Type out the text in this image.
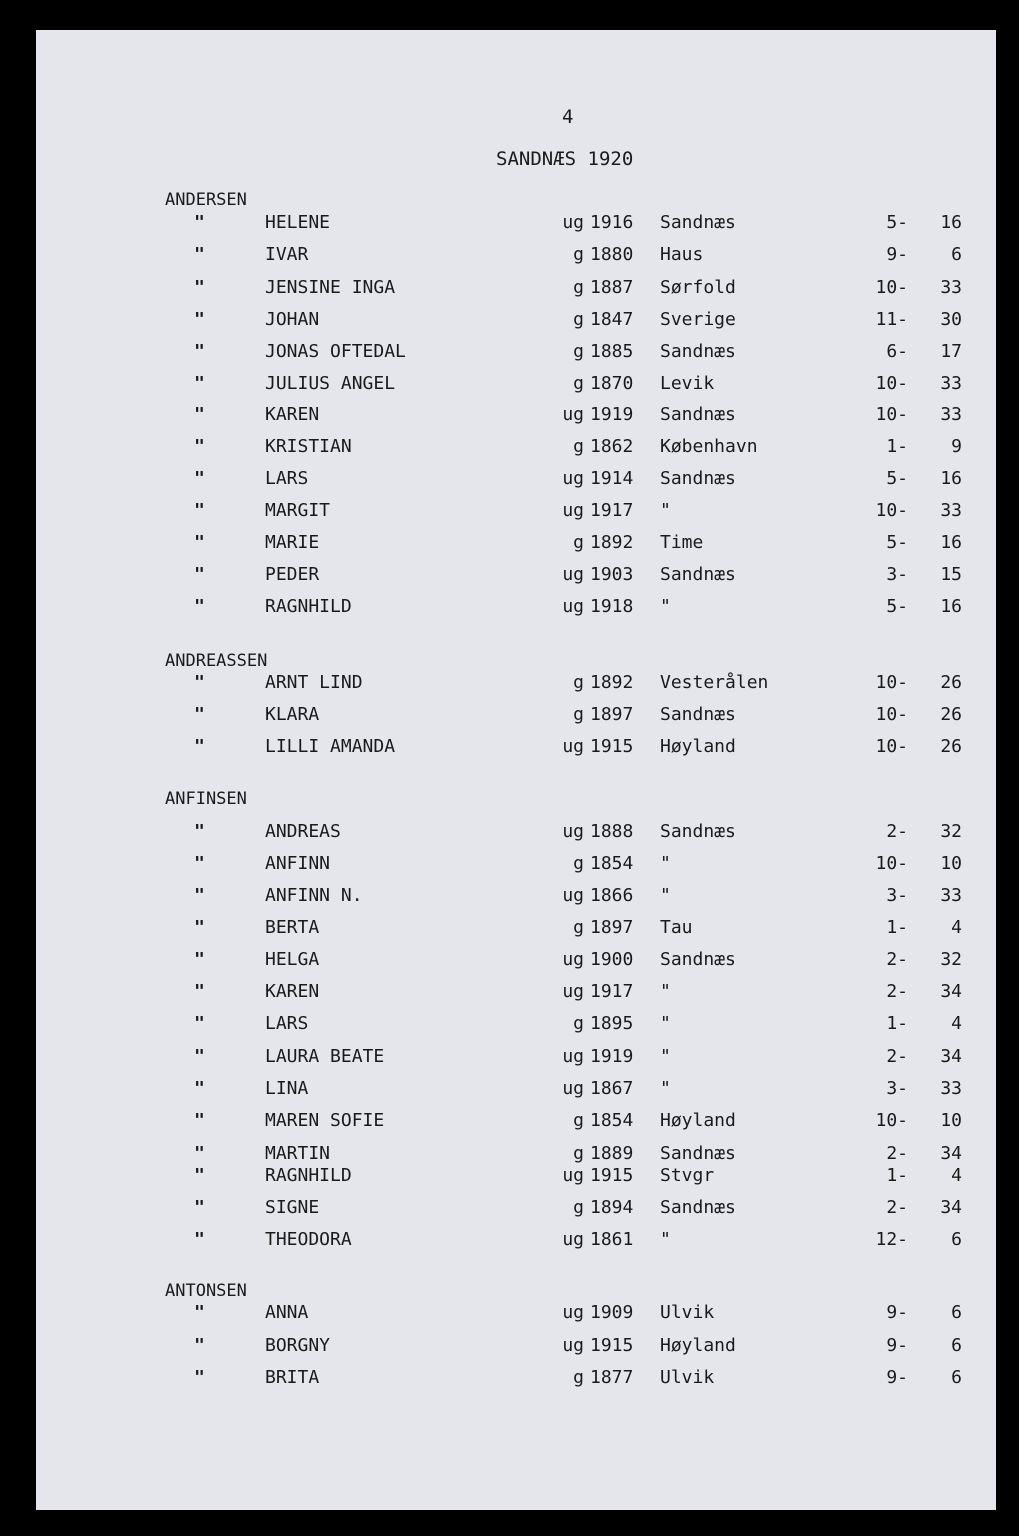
4
SANDNÆS 1920
ANDERSEN
"	HELENE	ug 1916 Sandnæs	5-	16
"	IVAR	g 1880 Haus	9-	6
"	JENSINE INGA	g 1887 Sørfold	10-	33
"	JOHAN	g 1847 Sverige	11-	30
"	JONAS OFTEDAL	g 1885 Sandnæs	6-	17
"	JULIUS ANGEL	g 1870 Levik	10-	33
"	KAREN	ug 1919 Sandnæs	10-	33
"	KRISTIAN	g 1862 København	1-	9
"	LARS	ug 1914 Sandnæs	5-	16
"	MARGIT	ug 1917 "	10-	33
"	MARIE	g 1892 Time	5-	16
"	PEDER	ug 1903 Sandnæs	3-	15
"	RAGNHILD	ug 1918 "	5-	16
ANDREASSEN
"	ARNT LIND	g 1892 Vesterålen	10-	26
"	KLARA	g 1897 Sandnæs	10-	26
"	LILLI AMANDA	ug 1915 Høyland	10-	26
ANFINSEN
"	ANDREAS	ug 1888 Sandnæs	2-	32
"	ANFINN	g 1854 "	10-	10
"	ANFINN N.	ug 1866 "	3-	33
"	BERTA	g 1897 Tau	1-	4
"	HELGA	ug 1900 Sandnæs	2-	32
"	KAREN	ug 1917 "	2-	34
"	LARS	g 1895 "	1-	4
"	LAURA BEATE	ug 1919 "	2-	34
"	LINA	ug 1867 "	3-	33
"	MAREN SOFIE	g 1854 Høyland	10-	10
"	MARTIN	g 1889 Sandnæs	2-	34
"	RAGNHILD	ug 1915 Stvgr	1-	4
"	SIGNE	g 1894 Sandnæs	2-	34
"	THEODORA	ug 1861 "	12-	6
ANTONSEN
"	ANNA	ug 1909 Ulvik	9-	6
"	BORGNY	ug 1915 Høyland	9-	6
"	BRITA	g 1877 Ulvik	9-	6
